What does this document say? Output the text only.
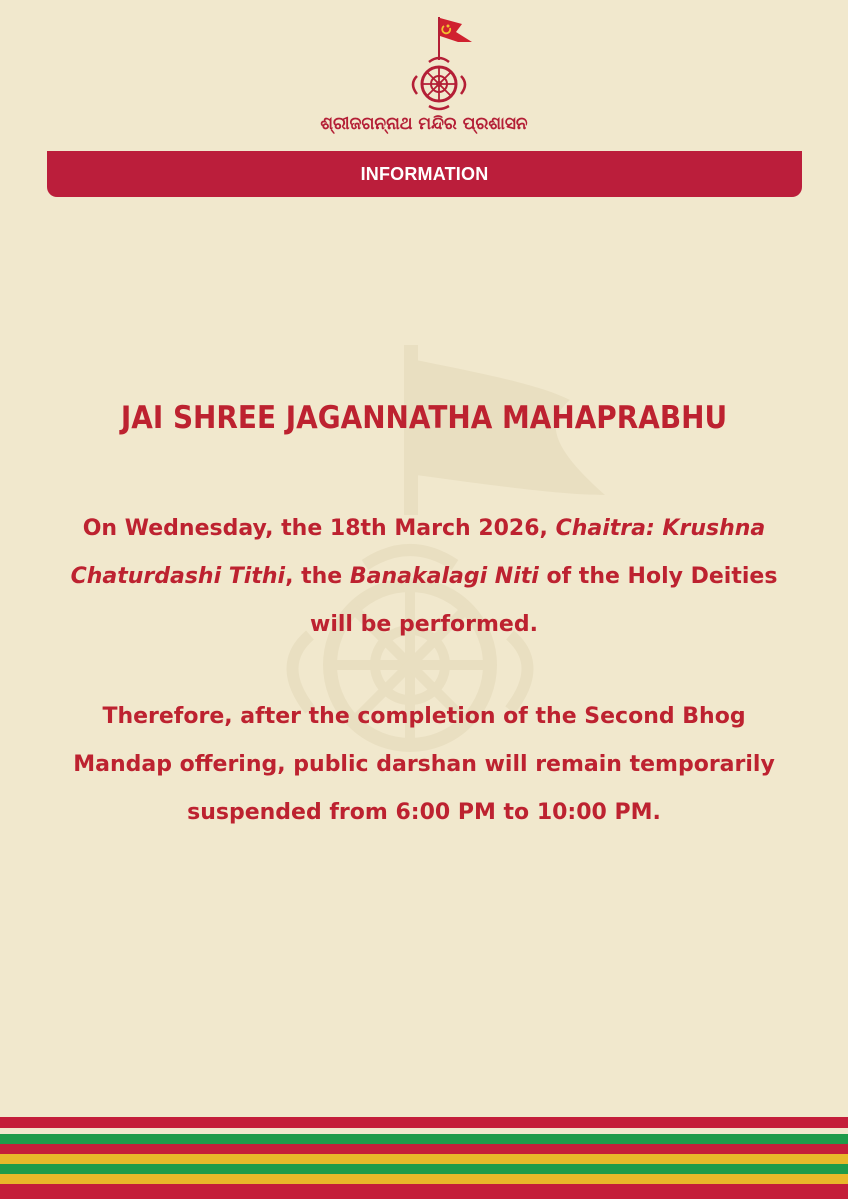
ଶ୍ରୀଜଗନ୍ନାଥ ମନ୍ଦିର ପ୍ରଶାସନ
INFORMATION
JAI SHREE JAGANNATHA MAHAPRABHU
On Wednesday, the 18th March 2026, Chaitra: Krushna Chaturdashi Tithi, the Banakalagi Niti of the Holy Deities will be performed.
Therefore, after the completion of the Second Bhog Mandap offering, public darshan will remain temporarily suspended from 6:00 PM to 10:00 PM.
